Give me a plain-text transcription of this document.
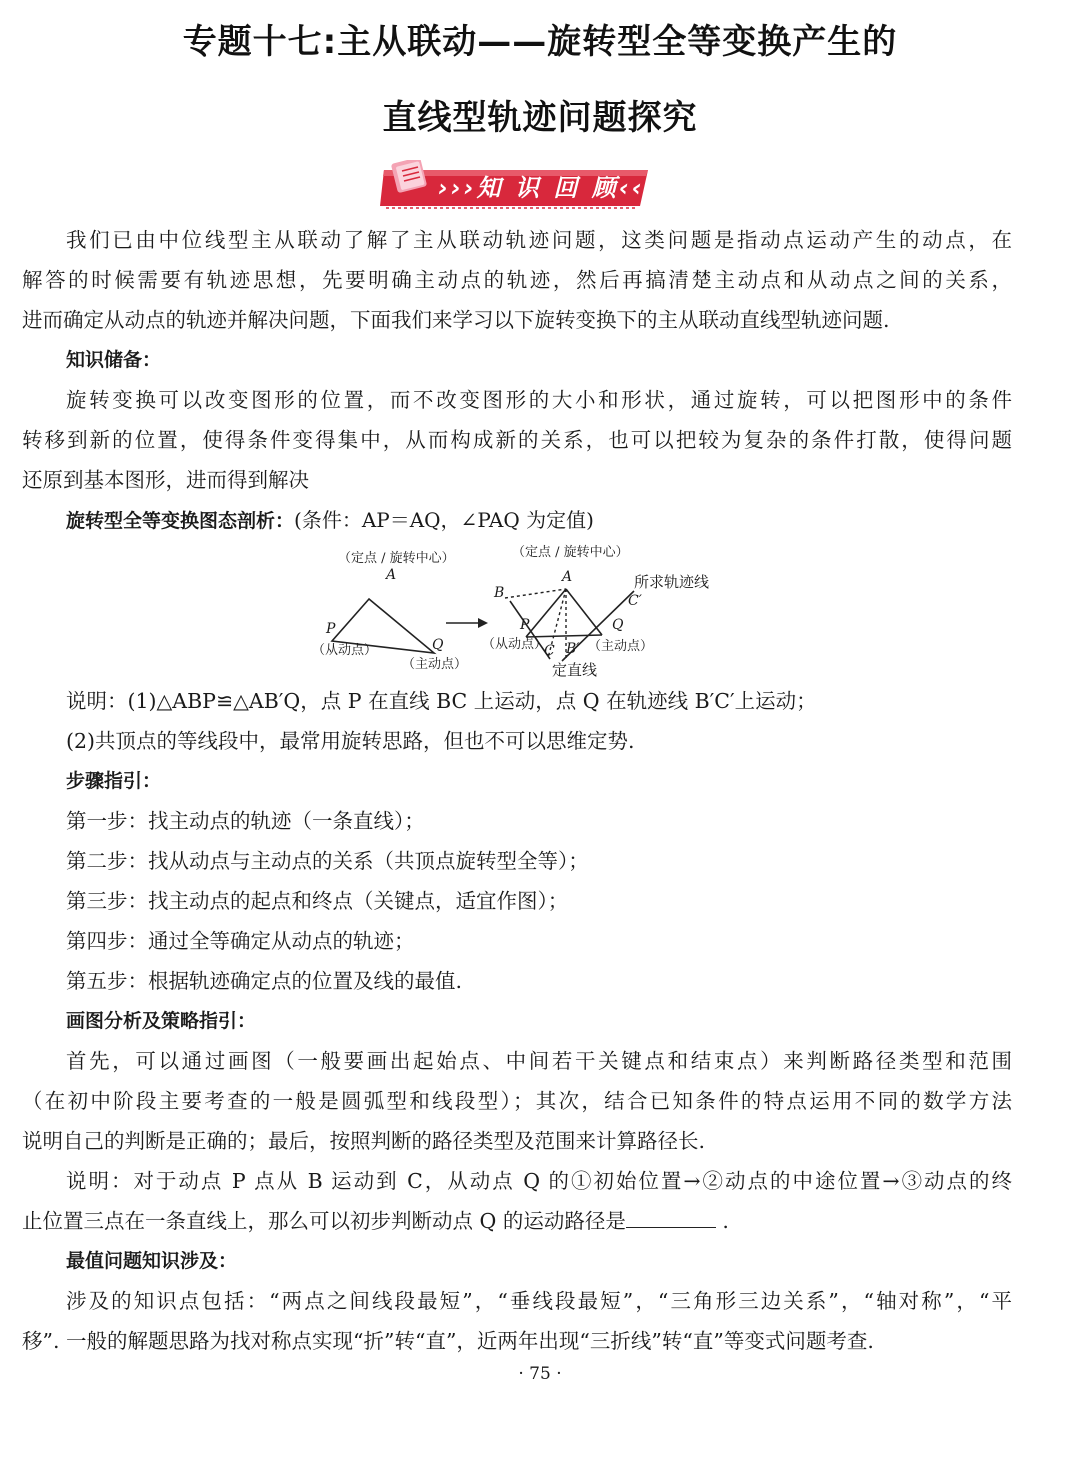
专题十七:主从联动——旋转型全等变换产生的
直线型轨迹问题探究
›››知 识 回 顾‹‹‹

我们已由中位线型主从联动了解了主从联动轨迹问题，这类问题是指动点运动产生的动点，在

解答的时候需要有轨迹思想，先要明确主动点的轨迹，然后再搞清楚主动点和从动点之间的关系，

进而确定从动点的轨迹并解决问题，下面我们来学习以下旋转变换下的主从联动直线型轨迹问题.

知识储备：

旋转变换可以改变图形的位置，而不改变图形的大小和形状，通过旋转，可以把图形中的条件

转移到新的位置，使得条件变得集中，从而构成新的关系，也可以把较为复杂的条件打散，使得问题

还原到基本图形，进而得到解决

旋转型全等变换图态剖析：(条件：AP＝AQ，∠PAQ 为定值)

（定点 / 旋转中心）
A
P
Q
（从动点）
（主动点）
（定点 / 旋转中心）
A
B
P	Q
C B′
C′
所求轨迹线
（从动点）	（主动点）
定直线

说明：(1)△ABP≌△AB′Q，点 P 在直线 BC 上运动，点 Q 在轨迹线 B′C′上运动；

(2)共顶点的等线段中，最常用旋转思路，但也不可以思维定势.

步骤指引：

第一步：找主动点的轨迹（一条直线）；

第二步：找从动点与主动点的关系（共顶点旋转型全等）；

第三步：找主动点的起点和终点（关键点，适宜作图）；

第四步：通过全等确定从动点的轨迹；

第五步：根据轨迹确定点的位置及线的最值.

画图分析及策略指引：

首先，可以通过画图（一般要画出起始点、中间若干关键点和结束点）来判断路径类型和范围

（在初中阶段主要考查的一般是圆弧型和线段型）；其次，结合已知条件的特点运用不同的数学方法

说明自己的判断是正确的；最后，按照判断的路径类型及范围来计算路径长.

说明：对于动点 P 点从 B 运动到 C，从动点 Q 的①初始位置→②动点的中途位置→③动点的终

止位置三点在一条直线上，那么可以初步判断动点 Q 的运动路径是	.

最值问题知识涉及：

涉及的知识点包括：“两点之间线段最短”，“垂线段最短”，“三角形三边关系”，“轴对称”，“平

移”. 一般的解题思路为找对称点实现“折”转“直”，近两年出现“三折线”转“直”等变式问题考查.

· 75 ·
